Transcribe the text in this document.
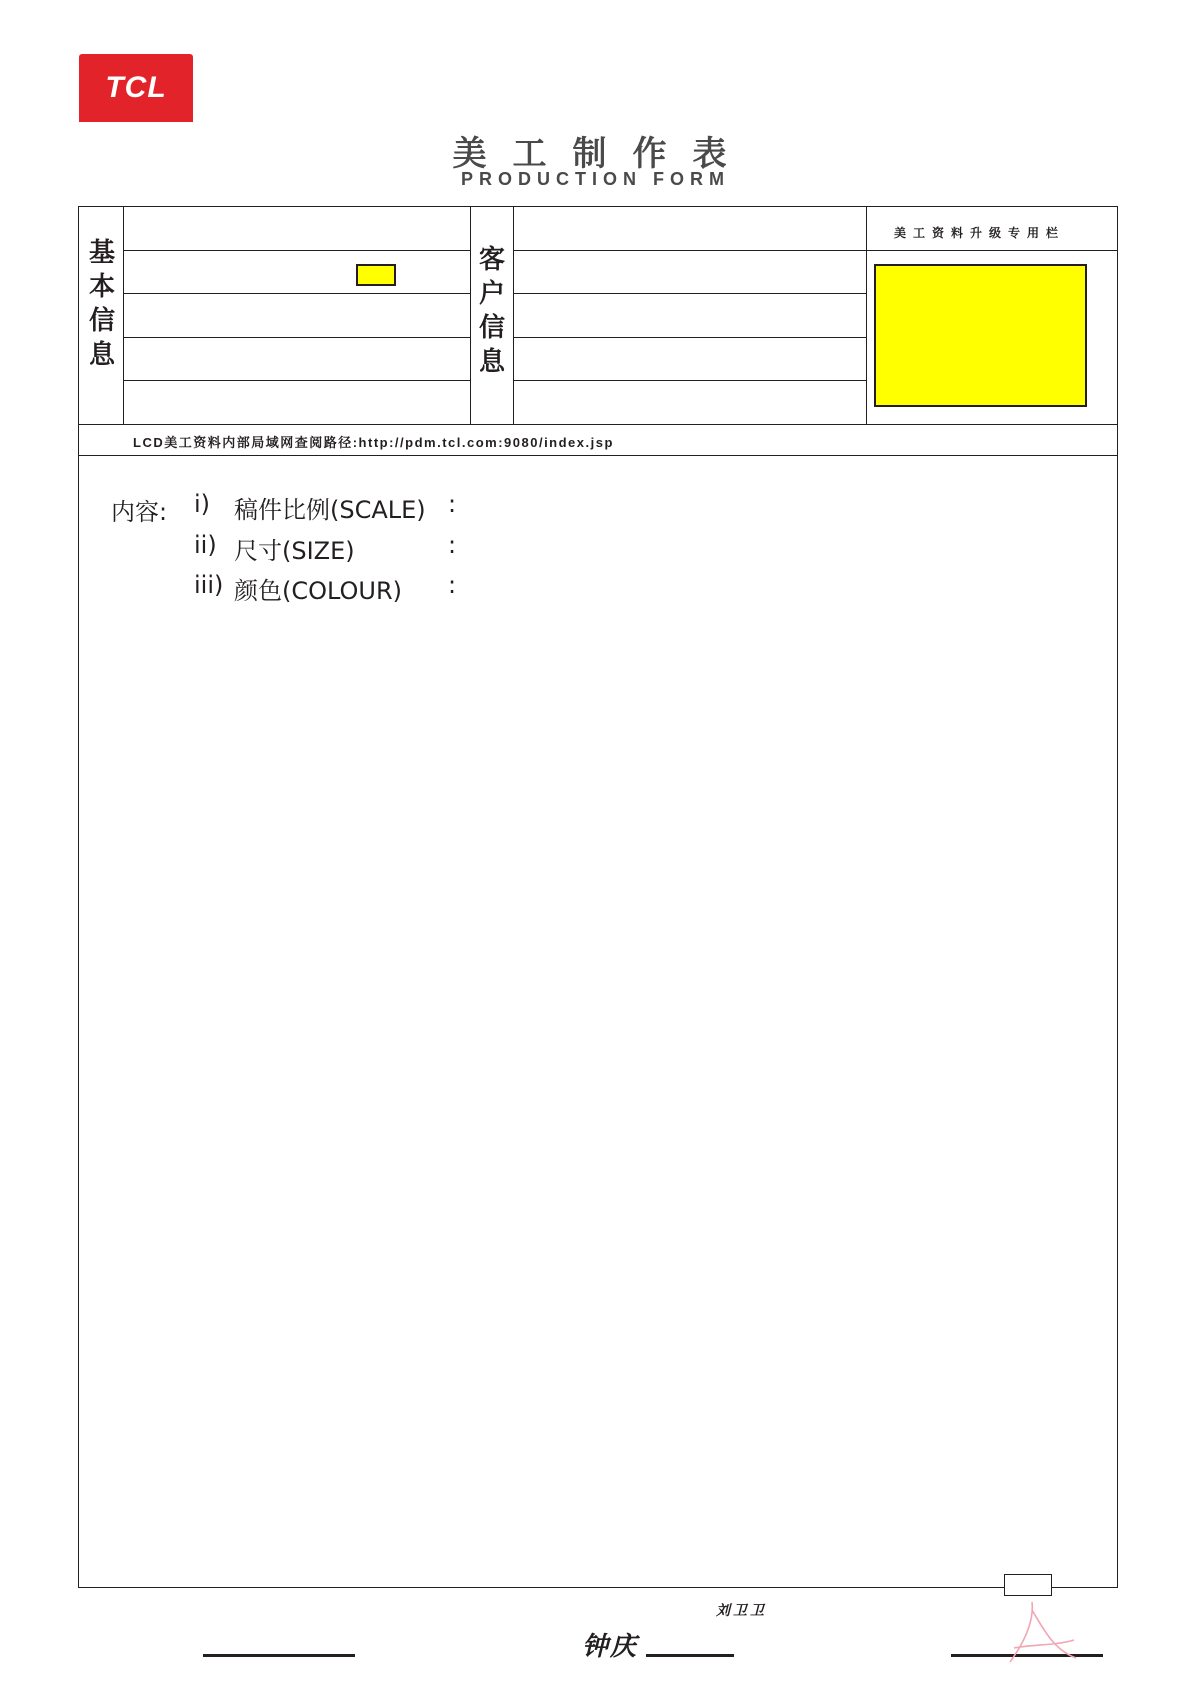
TCL
美工制作表
PRODUCTION FORM
基
本
信
息
客
户
信
息
美工资料升级专用栏
LCD美工资料内部局域网查阅路径:http://pdm.tcl.com:9080/index.jsp
内容: i) 稿件比例(SCALE) :
ii) 尺寸(SIZE)	:
iii) 颜色(COLOUR) :
刘卫卫
钟庆
